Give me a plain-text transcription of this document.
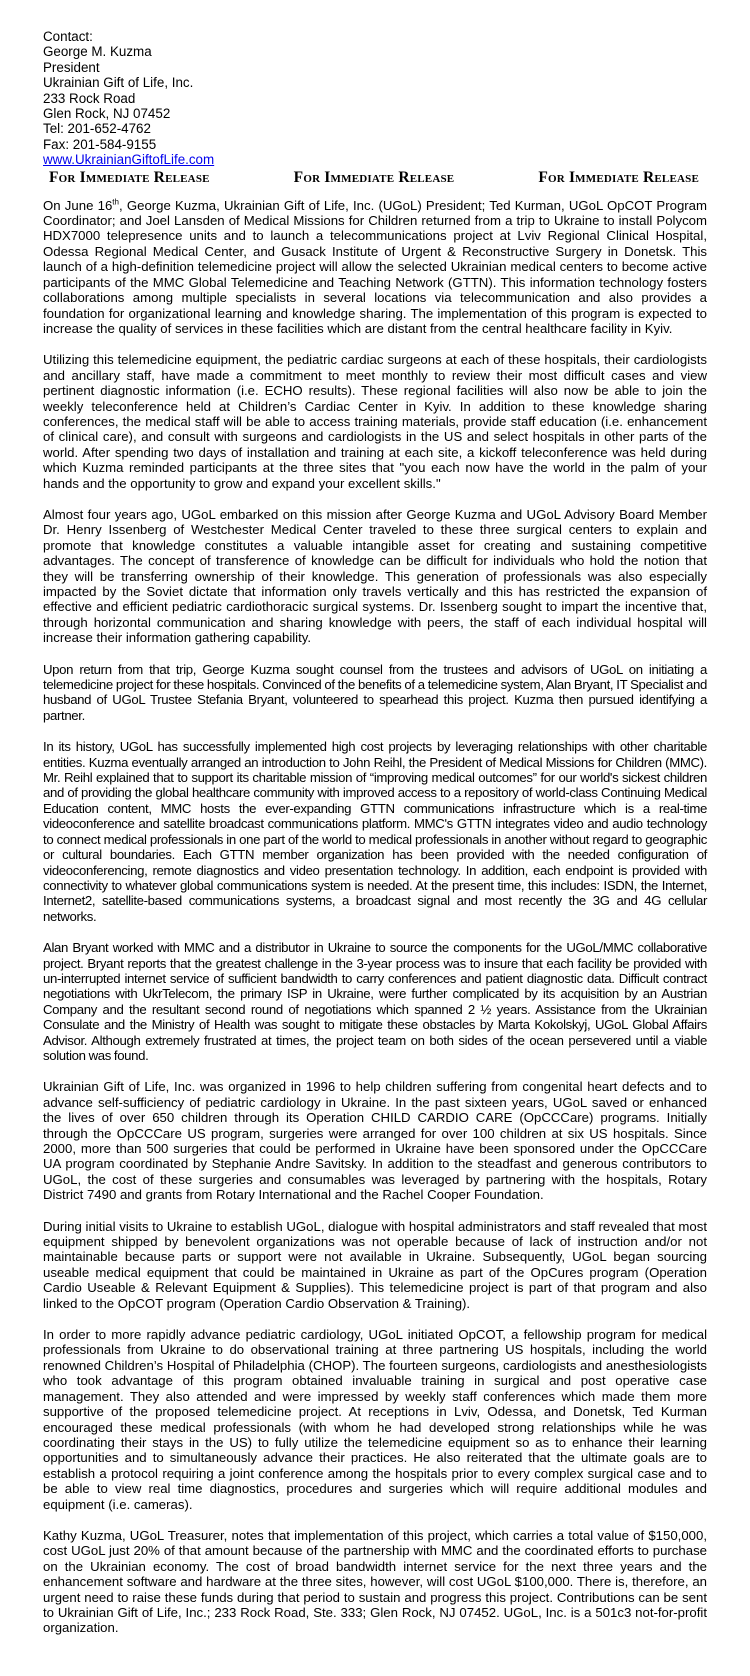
Contact:
George M. Kuzma
President
Ukrainian Gift of Life, Inc.
233 Rock Road
Glen Rock, NJ 07452
Tel: 201-652-4762
Fax: 201-584-9155
www.UkrainianGiftofLife.com
For Immediate Release	For Immediate Release	For Immediate Release

On June 16th, George Kuzma, Ukrainian Gift of Life, Inc. (UGoL) President; Ted Kurman, UGoL OpCOT Program Coordinator; and Joel Lansden of Medical Missions for Children returned from a trip to Ukraine to install Polycom HDX7000 telepresence units and to launch a telecommunications project at Lviv Regional Clinical Hospital, Odessa Regional Medical Center, and Gusack Institute of Urgent & Reconstructive Surgery in Donetsk. This launch of a high-definition telemedicine project will allow the selected Ukrainian medical centers to become active participants of the MMC Global Telemedicine and Teaching Network (GTTN). This information technology fosters collaborations among multiple specialists in several locations via telecommunication and also provides a foundation for organizational learning and knowledge sharing. The implementation of this program is expected to increase the quality of services in these facilities which are distant from the central healthcare facility in Kyiv.

Utilizing this telemedicine equipment, the pediatric cardiac surgeons at each of these hospitals, their cardiologists and ancillary staff, have made a commitment to meet monthly to review their most difficult cases and view pertinent diagnostic information (i.e. ECHO results). These regional facilities will also now be able to join the weekly teleconference held at Children’s Cardiac Center in Kyiv. In addition to these knowledge sharing conferences, the medical staff will be able to access training materials, provide staff education (i.e. enhancement of clinical care), and consult with surgeons and cardiologists in the US and select hospitals in other parts of the world. After spending two days of installation and training at each site, a kickoff teleconference was held during which Kuzma reminded participants at the three sites that "you each now have the world in the palm of your hands and the opportunity to grow and expand your excellent skills."

Almost four years ago, UGoL embarked on this mission after George Kuzma and UGoL Advisory Board Member Dr. Henry Issenberg of Westchester Medical Center traveled to these three surgical centers to explain and promote that knowledge constitutes a valuable intangible asset for creating and sustaining competitive advantages. The concept of transference of knowledge can be difficult for individuals who hold the notion that they will be transferring ownership of their knowledge. This generation of professionals was also especially impacted by the Soviet dictate that information only travels vertically and this has restricted the expansion of effective and efficient pediatric cardiothoracic surgical systems. Dr. Issenberg sought to impart the incentive that, through horizontal communication and sharing knowledge with peers, the staff of each individual hospital will increase their information gathering capability.

Upon return from that trip, George Kuzma sought counsel from the trustees and advisors of UGoL on initiating a telemedicine project for these hospitals. Convinced of the benefits of a telemedicine system, Alan Bryant, IT Specialist and husband of UGoL Trustee Stefania Bryant, volunteered to spearhead this project. Kuzma then pursued identifying a partner.

In its history, UGoL has successfully implemented high cost projects by leveraging relationships with other charitable entities. Kuzma eventually arranged an introduction to John Reihl, the President of Medical Missions for Children (MMC). Mr. Reihl explained that to support its charitable mission of “improving medical outcomes” for our world's sickest children and of providing the global healthcare community with improved access to a repository of world-class Continuing Medical Education content, MMC hosts the ever-expanding GTTN communications infrastructure which is a real-time videoconference and satellite broadcast communications platform. MMC's GTTN integrates video and audio technology to connect medical professionals in one part of the world to medical professionals in another without regard to geographic or cultural boundaries. Each GTTN member organization has been provided with the needed configuration of videoconferencing, remote diagnostics and video presentation technology. In addition, each endpoint is provided with connectivity to whatever global communications system is needed. At the present time, this includes: ISDN, the Internet, Internet2, satellite-based communications systems, a broadcast signal and most recently the 3G and 4G cellular networks.

Alan Bryant worked with MMC and a distributor in Ukraine to source the components for the UGoL/MMC collaborative project. Bryant reports that the greatest challenge in the 3-year process was to insure that each facility be provided with un-interrupted internet service of sufficient bandwidth to carry conferences and patient diagnostic data. Difficult contract negotiations with UkrTelecom, the primary ISP in Ukraine, were further complicated by its acquisition by an Austrian Company and the resultant second round of negotiations which spanned 2 ½ years. Assistance from the Ukrainian Consulate and the Ministry of Health was sought to mitigate these obstacles by Marta Kokolskyj, UGoL Global Affairs Advisor. Although extremely frustrated at times, the project team on both sides of the ocean persevered until a viable solution was found.

Ukrainian Gift of Life, Inc. was organized in 1996 to help children suffering from congenital heart defects and to advance self-sufficiency of pediatric cardiology in Ukraine. In the past sixteen years, UGoL saved or enhanced the lives of over 650 children through its Operation CHILD CARDIO CARE (OpCCCare) programs. Initially through the OpCCCare US program, surgeries were arranged for over 100 children at six US hospitals. Since 2000, more than 500 surgeries that could be performed in Ukraine have been sponsored under the OpCCCare UA program coordinated by Stephanie Andre Savitsky. In addition to the steadfast and generous contributors to UGoL, the cost of these surgeries and consumables was leveraged by partnering with the hospitals, Rotary District 7490 and grants from Rotary International and the Rachel Cooper Foundation.

During initial visits to Ukraine to establish UGoL, dialogue with hospital administrators and staff revealed that most equipment shipped by benevolent organizations was not operable because of lack of instruction and/or not maintainable because parts or support were not available in Ukraine. Subsequently, UGoL began sourcing useable medical equipment that could be maintained in Ukraine as part of the OpCures program (Operation Cardio Useable & Relevant Equipment & Supplies). This telemedicine project is part of that program and also linked to the OpCOT program (Operation Cardio Observation & Training).

In order to more rapidly advance pediatric cardiology, UGoL initiated OpCOT, a fellowship program for medical professionals from Ukraine to do observational training at three partnering US hospitals, including the world renowned Children’s Hospital of Philadelphia (CHOP). The fourteen surgeons, cardiologists and anesthesiologists who took advantage of this program obtained invaluable training in surgical and post operative case management. They also attended and were impressed by weekly staff conferences which made them more supportive of the proposed telemedicine project. At receptions in Lviv, Odessa, and Donetsk, Ted Kurman encouraged these medical professionals (with whom he had developed strong relationships while he was coordinating their stays in the US) to fully utilize the telemedicine equipment so as to enhance their learning opportunities and to simultaneously advance their practices. He also reiterated that the ultimate goals are to establish a protocol requiring a joint conference among the hospitals prior to every complex surgical case and to be able to view real time diagnostics, procedures and surgeries which will require additional modules and equipment (i.e. cameras).

Kathy Kuzma, UGoL Treasurer, notes that implementation of this project, which carries a total value of $150,000, cost UGoL just 20% of that amount because of the partnership with MMC and the coordinated efforts to purchase on the Ukrainian economy. The cost of broad bandwidth internet service for the next three years and the enhancement software and hardware at the three sites, however, will cost UGoL $100,000. There is, therefore, an urgent need to raise these funds during that period to sustain and progress this project. Contributions can be sent to Ukrainian Gift of Life, Inc.; 233 Rock Road, Ste. 333; Glen Rock, NJ 07452. UGoL, Inc. is a 501c3 not-for-profit organization.
